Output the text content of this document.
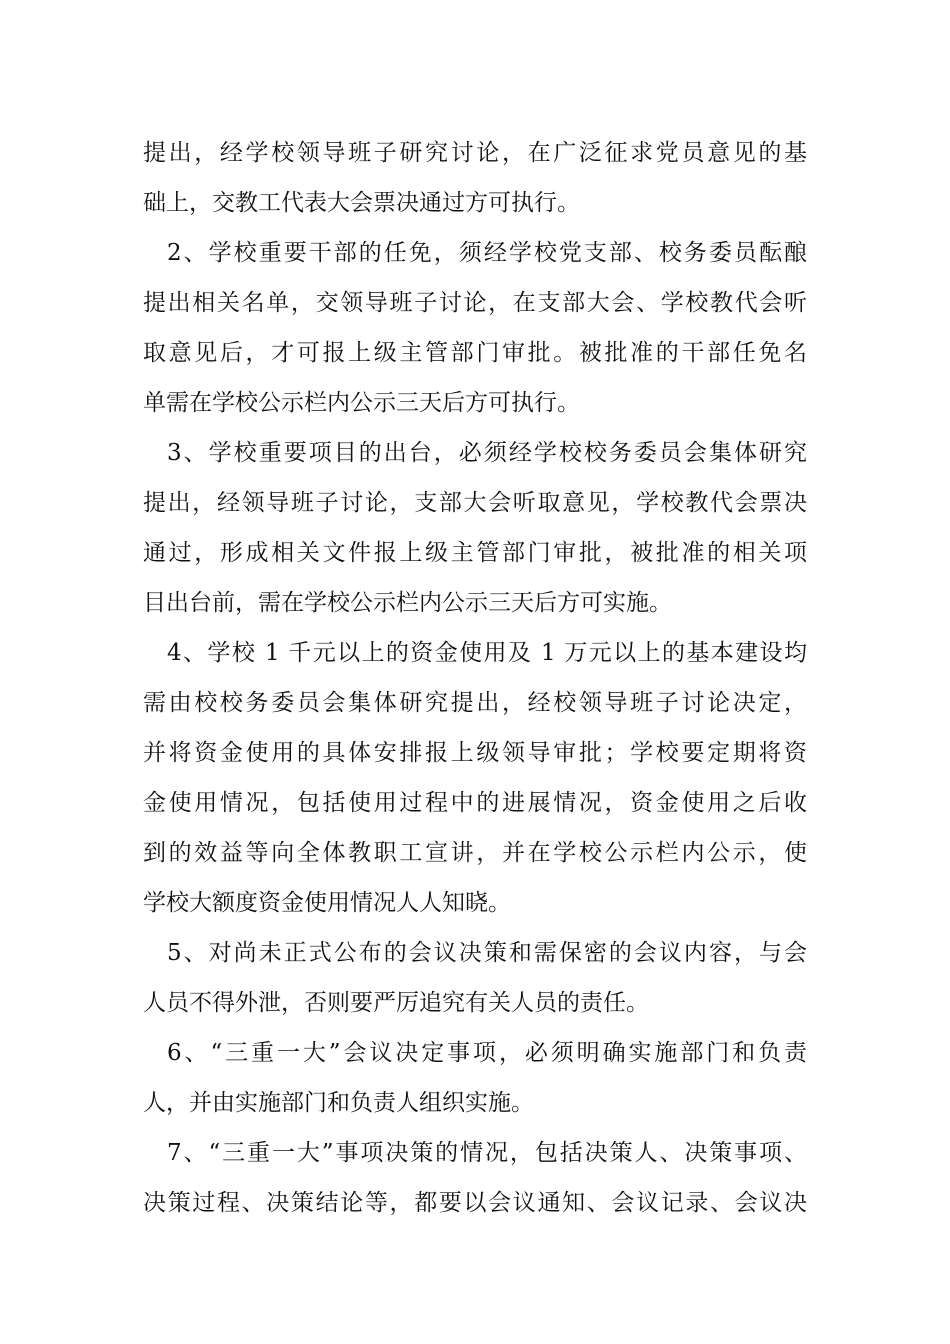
提出，经学校领导班子研究讨论，在广泛征求党员意见的基
础上，交教工代表大会票决通过方可执行。
2、学校重要干部的任免，须经学校党支部、校务委员酝酿
提出相关名单，交领导班子讨论，在支部大会、学校教代会听
取意见后，才可报上级主管部门审批。被批准的干部任免名
单需在学校公示栏内公示三天后方可执行。
3、学校重要项目的出台，必须经学校校务委员会集体研究
提出，经领导班子讨论，支部大会听取意见，学校教代会票决
通过，形成相关文件报上级主管部门审批，被批准的相关项
目出台前，需在学校公示栏内公示三天后方可实施。
4、学校 1 千元以上的资金使用及 1 万元以上的基本建设均
需由校校务委员会集体研究提出，经校领导班子讨论决定，
并将资金使用的具体安排报上级领导审批；学校要定期将资
金使用情况，包括使用过程中的进展情况，资金使用之后收
到的效益等向全体教职工宣讲，并在学校公示栏内公示，使
学校大额度资金使用情况人人知晓。
5、对尚未正式公布的会议决策和需保密的会议内容，与会
人员不得外泄，否则要严厉追究有关人员的责任。
6、“三重一大”会议决定事项，必须明确实施部门和负责
人，并由实施部门和负责人组织实施。
7、“三重一大”事项决策的情况，包括决策人、决策事项、
决策过程、决策结论等，都要以会议通知、会议记录、会议决
